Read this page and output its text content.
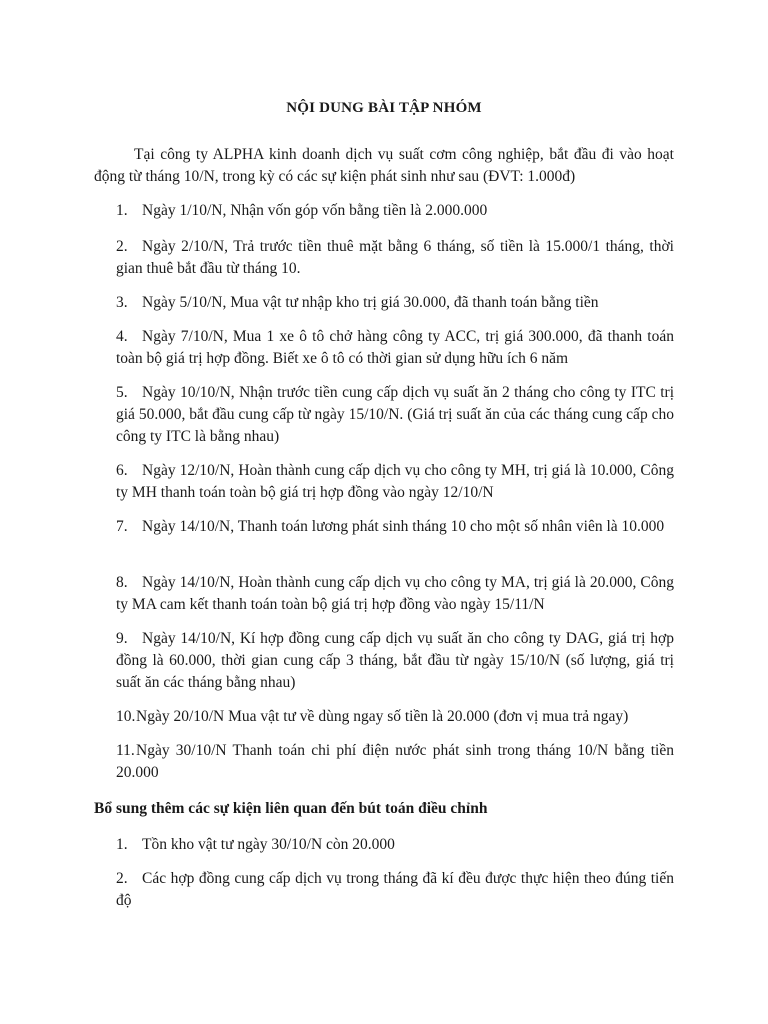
NỘI DUNG BÀI TẬP NHÓM
Tại công ty ALPHA kinh doanh dịch vụ suất cơm công nghiệp, bắt đầu đi vào hoạt động từ tháng 10/N, trong kỳ có các sự kiện phát sinh như sau (ĐVT: 1.000đ)
1. Ngày 1/10/N, Nhận vốn góp vốn bằng tiền là 2.000.000
2. Ngày 2/10/N, Trả trước tiền thuê mặt bằng 6 tháng, số tiền là 15.000/1 tháng, thời gian thuê bắt đầu từ tháng 10.
3. Ngày 5/10/N, Mua vật tư nhập kho trị giá 30.000, đã thanh toán bằng tiền
4. Ngày 7/10/N, Mua 1 xe ô tô chở hàng công ty ACC, trị giá 300.000, đã thanh toán toàn bộ giá trị hợp đồng. Biết xe ô tô có thời gian sử dụng hữu ích 6 năm
5. Ngày 10/10/N, Nhận trước tiền cung cấp dịch vụ suất ăn 2 tháng cho công ty ITC trị giá 50.000, bắt đầu cung cấp từ ngày 15/10/N. (Giá trị suất ăn của các tháng cung cấp cho công ty ITC là bằng nhau)
6. Ngày 12/10/N, Hoàn thành cung cấp dịch vụ cho công ty MH, trị giá là 10.000, Công ty MH thanh toán toàn bộ giá trị hợp đồng vào ngày 12/10/N
7. Ngày 14/10/N, Thanh toán lương phát sinh tháng 10 cho một số nhân viên là 10.000
8. Ngày 14/10/N, Hoàn thành cung cấp dịch vụ cho công ty MA, trị giá là 20.000, Công ty MA cam kết thanh toán toàn bộ giá trị hợp đồng vào ngày 15/11/N
9. Ngày 14/10/N, Kí hợp đồng cung cấp dịch vụ suất ăn cho công ty DAG, giá trị hợp đồng là 60.000, thời gian cung cấp 3 tháng, bắt đầu từ ngày 15/10/N (số lượng, giá trị suất ăn các tháng bằng nhau)
10.Ngày 20/10/N Mua vật tư về dùng ngay số tiền là 20.000 (đơn vị mua trả ngay)
11.Ngày 30/10/N Thanh toán chi phí điện nước phát sinh trong tháng 10/N bằng tiền 20.000
Bổ sung thêm các sự kiện liên quan đến bút toán điều chỉnh
1. Tồn kho vật tư ngày 30/10/N còn 20.000
2. Các hợp đồng cung cấp dịch vụ trong tháng đã kí đều được thực hiện theo đúng tiến độ
